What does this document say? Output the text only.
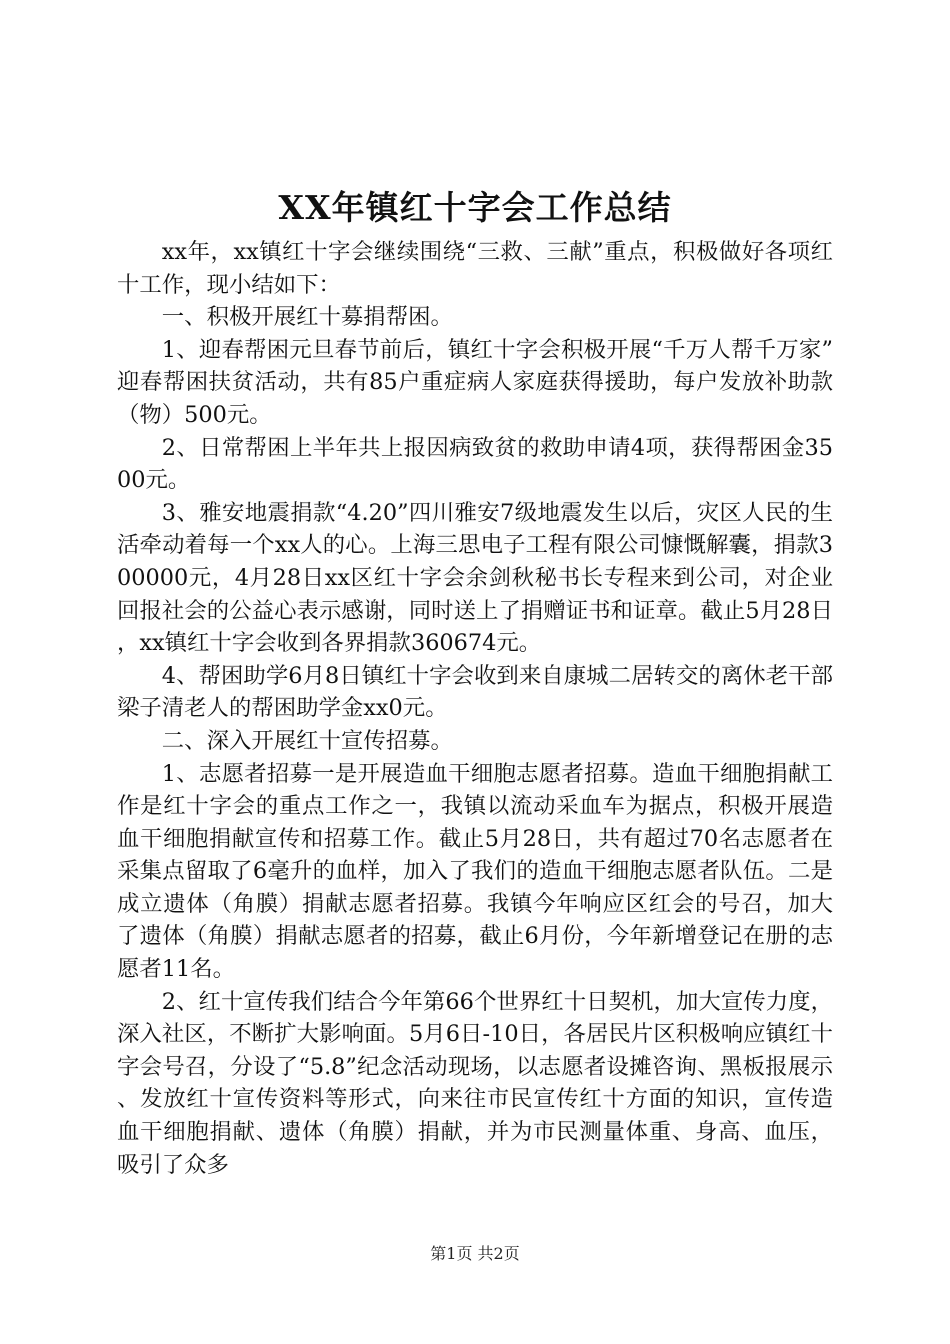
XX年镇红十字会工作总结

xx年，xx镇红十字会继续围绕“三救、三献”重点，积极做好各项红十工作，现小结如下：

一、积极开展红十募捐帮困。

1、迎春帮困元旦春节前后，镇红十字会积极开展“千万人帮千万家”迎春帮困扶贫活动，共有85户重症病人家庭获得援助，每户发放补助款（物）500元。

2、日常帮困上半年共上报因病致贫的救助申请4项，获得帮困金3500元。

3、雅安地震捐款“4.20”四川雅安7级地震发生以后，灾区人民的生活牵动着每一个xx人的心。上海三思电子工程有限公司慷慨解囊，捐款300000元，4月28日xx区红十字会余剑秋秘书长专程来到公司，对企业回报社会的公益心表示感谢，同时送上了捐赠证书和证章。截止5月28日，xx镇红十字会收到各界捐款360674元。

4、帮困助学6月8日镇红十字会收到来自康城二居转交的离休老干部梁子清老人的帮困助学金xx0元。

二、深入开展红十宣传招募。

1、志愿者招募一是开展造血干细胞志愿者招募。造血干细胞捐献工作是红十字会的重点工作之一，我镇以流动采血车为据点，积极开展造血干细胞捐献宣传和招募工作。截止5月28日，共有超过70名志愿者在采集点留取了6毫升的血样，加入了我们的造血干细胞志愿者队伍。二是成立遗体（角膜）捐献志愿者招募。我镇今年响应区红会的号召，加大了遗体（角膜）捐献志愿者的招募，截止6月份，今年新增登记在册的志愿者11名。

2、红十宣传我们结合今年第66个世界红十日契机，加大宣传力度，深入社区，不断扩大影响面。5月6日-10日，各居民片区积极响应镇红十字会号召，分设了“5.8”纪念活动现场，以志愿者设摊咨询、黑板报展示、发放红十宣传资料等形式，向来往市民宣传红十方面的知识，宣传造血干细胞捐献、遗体（角膜）捐献，并为市民测量体重、身高、血压，吸引了众多

第1页 共2页
